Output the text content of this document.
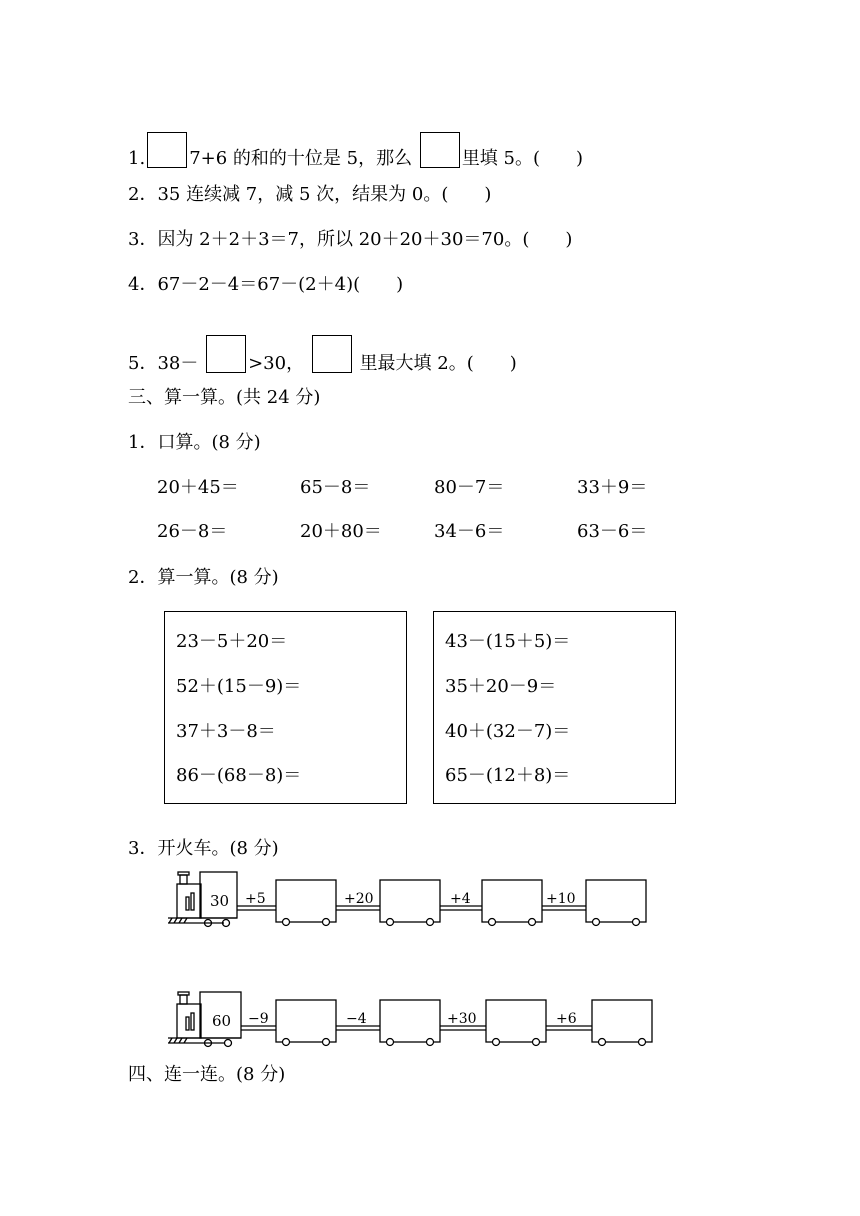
1. 7+6 的和的十位是 5，那么	里填 5。(　　)
2．35 连续减 7，减 5 次，结果为 0。(　　)
3．因为 2＋2＋3＝7，所以 20＋20＋30＝70。(　　)
4．67－2－4＝67－(2＋4)(　　)
5．38－	>30，	里最大填 2。(　　)
三、算一算。(共 24 分)
1．口算。(8 分)
20＋45＝	65－8＝	80－7＝	33＋9＝
26－8＝	20＋80＝	34－6＝	63－6＝
2．算一算。(8 分)
23－5＋20＝
52＋(15－9)＝
37＋3－8＝
86－(68－8)＝
43－(15＋5)＝
35＋20－9＝
40＋(32－7)＝
65－(12＋8)＝
3．开火车。(8 分)
30 +5	+20	+4	+10
60 −9	−4	+30	+6
四、连一连。(8 分)
